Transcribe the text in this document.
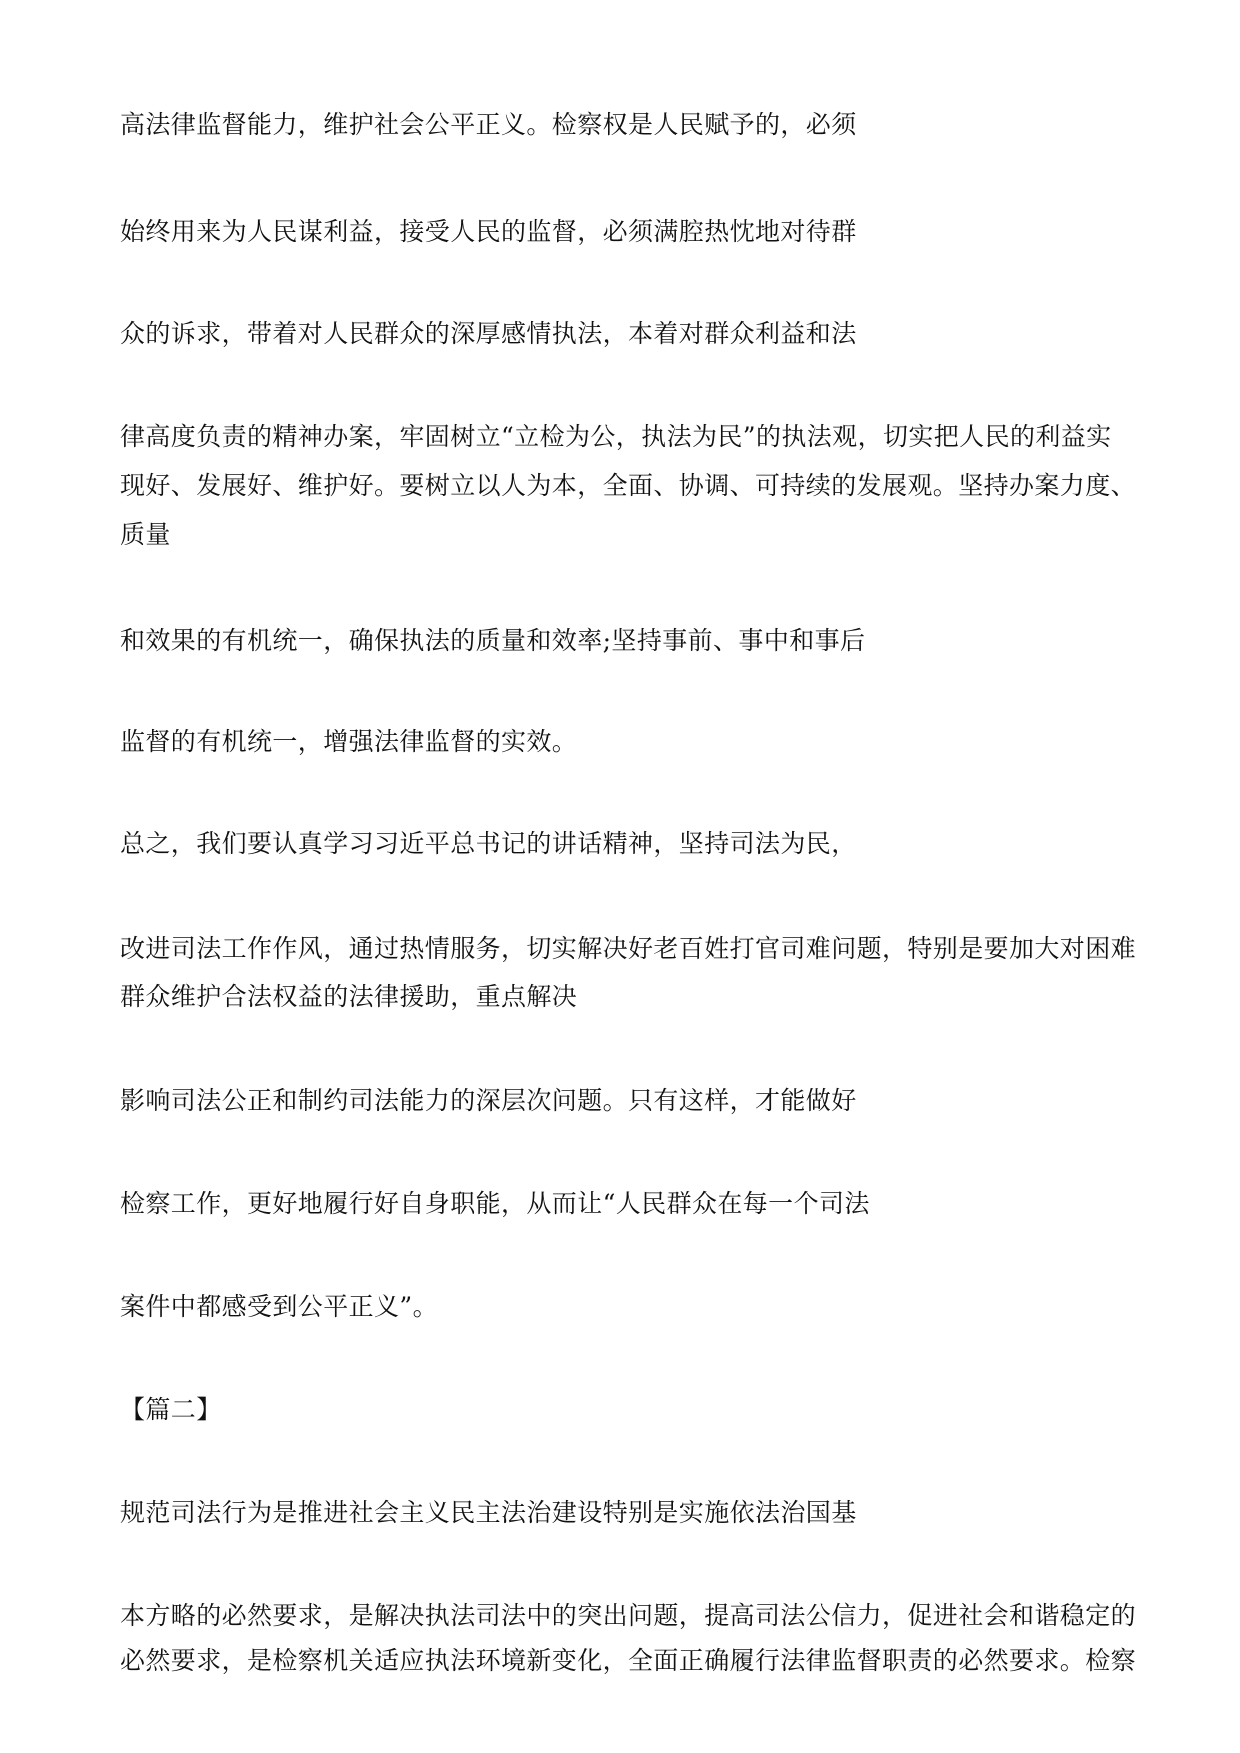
高法律监督能力，维护社会公平正义。检察权是人民赋予的，必须
始终用来为人民谋利益，接受人民的监督，必须满腔热忱地对待群
众的诉求，带着对人民群众的深厚感情执法，本着对群众利益和法
律高度负责的精神办案，牢固树立“立检为公，执法为民”的执法观，切实把人民的利益实
现好、发展好、维护好。要树立以人为本，全面、协调、可持续的发展观。坚持办案力度、
质量
和效果的有机统一，确保执法的质量和效率;坚持事前、事中和事后
监督的有机统一，增强法律监督的实效。
总之，我们要认真学习习近平总书记的讲话精神，坚持司法为民，
改进司法工作作风，通过热情服务，切实解决好老百姓打官司难问题，特别是要加大对困难
群众维护合法权益的法律援助，重点解决
影响司法公正和制约司法能力的深层次问题。只有这样，才能做好
检察工作，更好地履行好自身职能，从而让“人民群众在每一个司法
案件中都感受到公平正义”。
【篇二】
规范司法行为是推进社会主义民主法治建设特别是实施依法治国基
本方略的必然要求，是解决执法司法中的突出问题，提高司法公信力，促进社会和谐稳定的
必然要求，是检察机关适应执法环境新变化，全面正确履行法律监督职责的必然要求。检察
